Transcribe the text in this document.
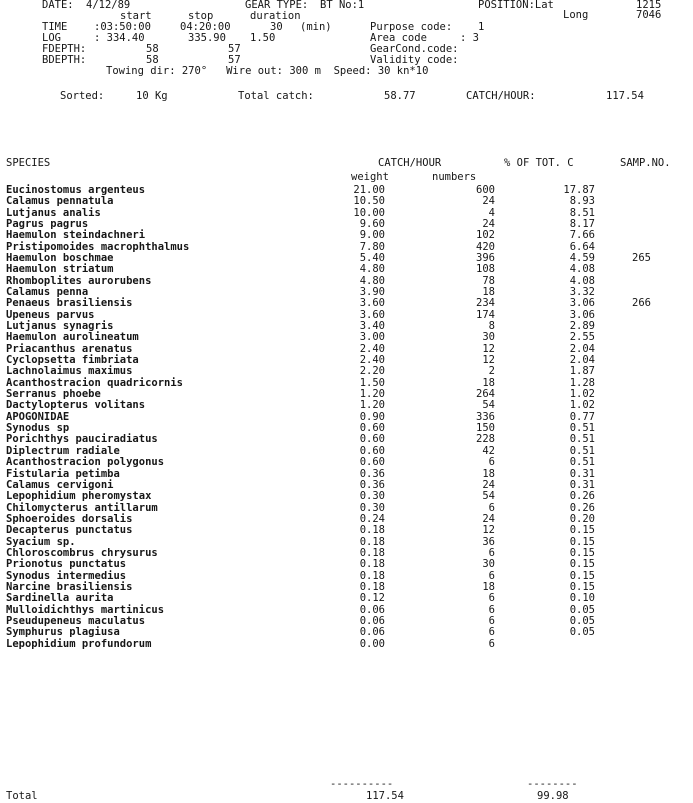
DATE: 4/12/89	GEAR TYPE: BT No:1	POSITION:Lat	1215
Long	7046
start	stop	duration
TIME	:03:50:00	04:20:00	30 (min)	Purpose code: 1
LOG	: 334.40	335.90 1.50	Area code	: 3
FDEPTH:	58	57	GearCond.code:
BDEPTH:	58	57	Validity code:
Towing dir: 270°   Wire out: 300 m  Speed: 30 kn*10
Sorted:	10 Kg	Total catch:	58.77	CATCH/HOUR:	117.54
SPECIES	CATCH/HOUR	% OF TOT. C	SAMP.NO.
weight	numbers
Eucinostomus argenteus	21.00	600	17.87
Calamus pennatula	10.50	24	8.93
Lutjanus analis	10.00	4	8.51
Pagrus pagrus	9.60	24	8.17
Haemulon steindachneri	9.00	102	7.66
Pristipomoides macrophthalmus	7.80	420	6.64
Haemulon boschmae	5.40	396	4.59	265
Haemulon striatum	4.80	108	4.08
Rhomboplites aurorubens	4.80	78	4.08
Calamus penna	3.90	18	3.32
Penaeus brasiliensis	3.60	234	3.06	266
Upeneus parvus	3.60	174	3.06
Lutjanus synagris	3.40	8	2.89
Haemulon aurolineatum	3.00	30	2.55
Priacanthus arenatus	2.40	12	2.04
Cyclopsetta fimbriata	2.40	12	2.04
Lachnolaimus maximus	2.20	2	1.87
Acanthostracion quadricornis	1.50	18	1.28
Serranus phoebe	1.20	264	1.02
Dactylopterus volitans	1.20	54	1.02
APOGONIDAE	0.90	336	0.77
Synodus sp	0.60	150	0.51
Porichthys pauciradiatus	0.60	228	0.51
Diplectrum radiale	0.60	42	0.51
Acanthostracion polygonus	0.60	6	0.51
Fistularia petimba	0.36	18	0.31
Calamus cervigoni	0.36	24	0.31
Lepophidium pheromystax	0.30	54	0.26
Chilomycterus antillarum	0.30	6	0.26
Sphoeroides dorsalis	0.24	24	0.20
Decapterus punctatus	0.18	12	0.15
Syacium sp.	0.18	36	0.15
Chloroscombrus chrysurus	0.18	6	0.15
Prionotus punctatus	0.18	30	0.15
Synodus intermedius	0.18	6	0.15
Narcine brasiliensis	0.18	18	0.15
Sardinella aurita	0.12	6	0.10
Mulloidichthys martinicus	0.06	6	0.05
Pseudupeneus maculatus	0.06	6	0.05
Symphurus plagiusa	0.06	6	0.05
Lepophidium profundorum	0.00	6
----------	--------
Total	117.54	99.98
